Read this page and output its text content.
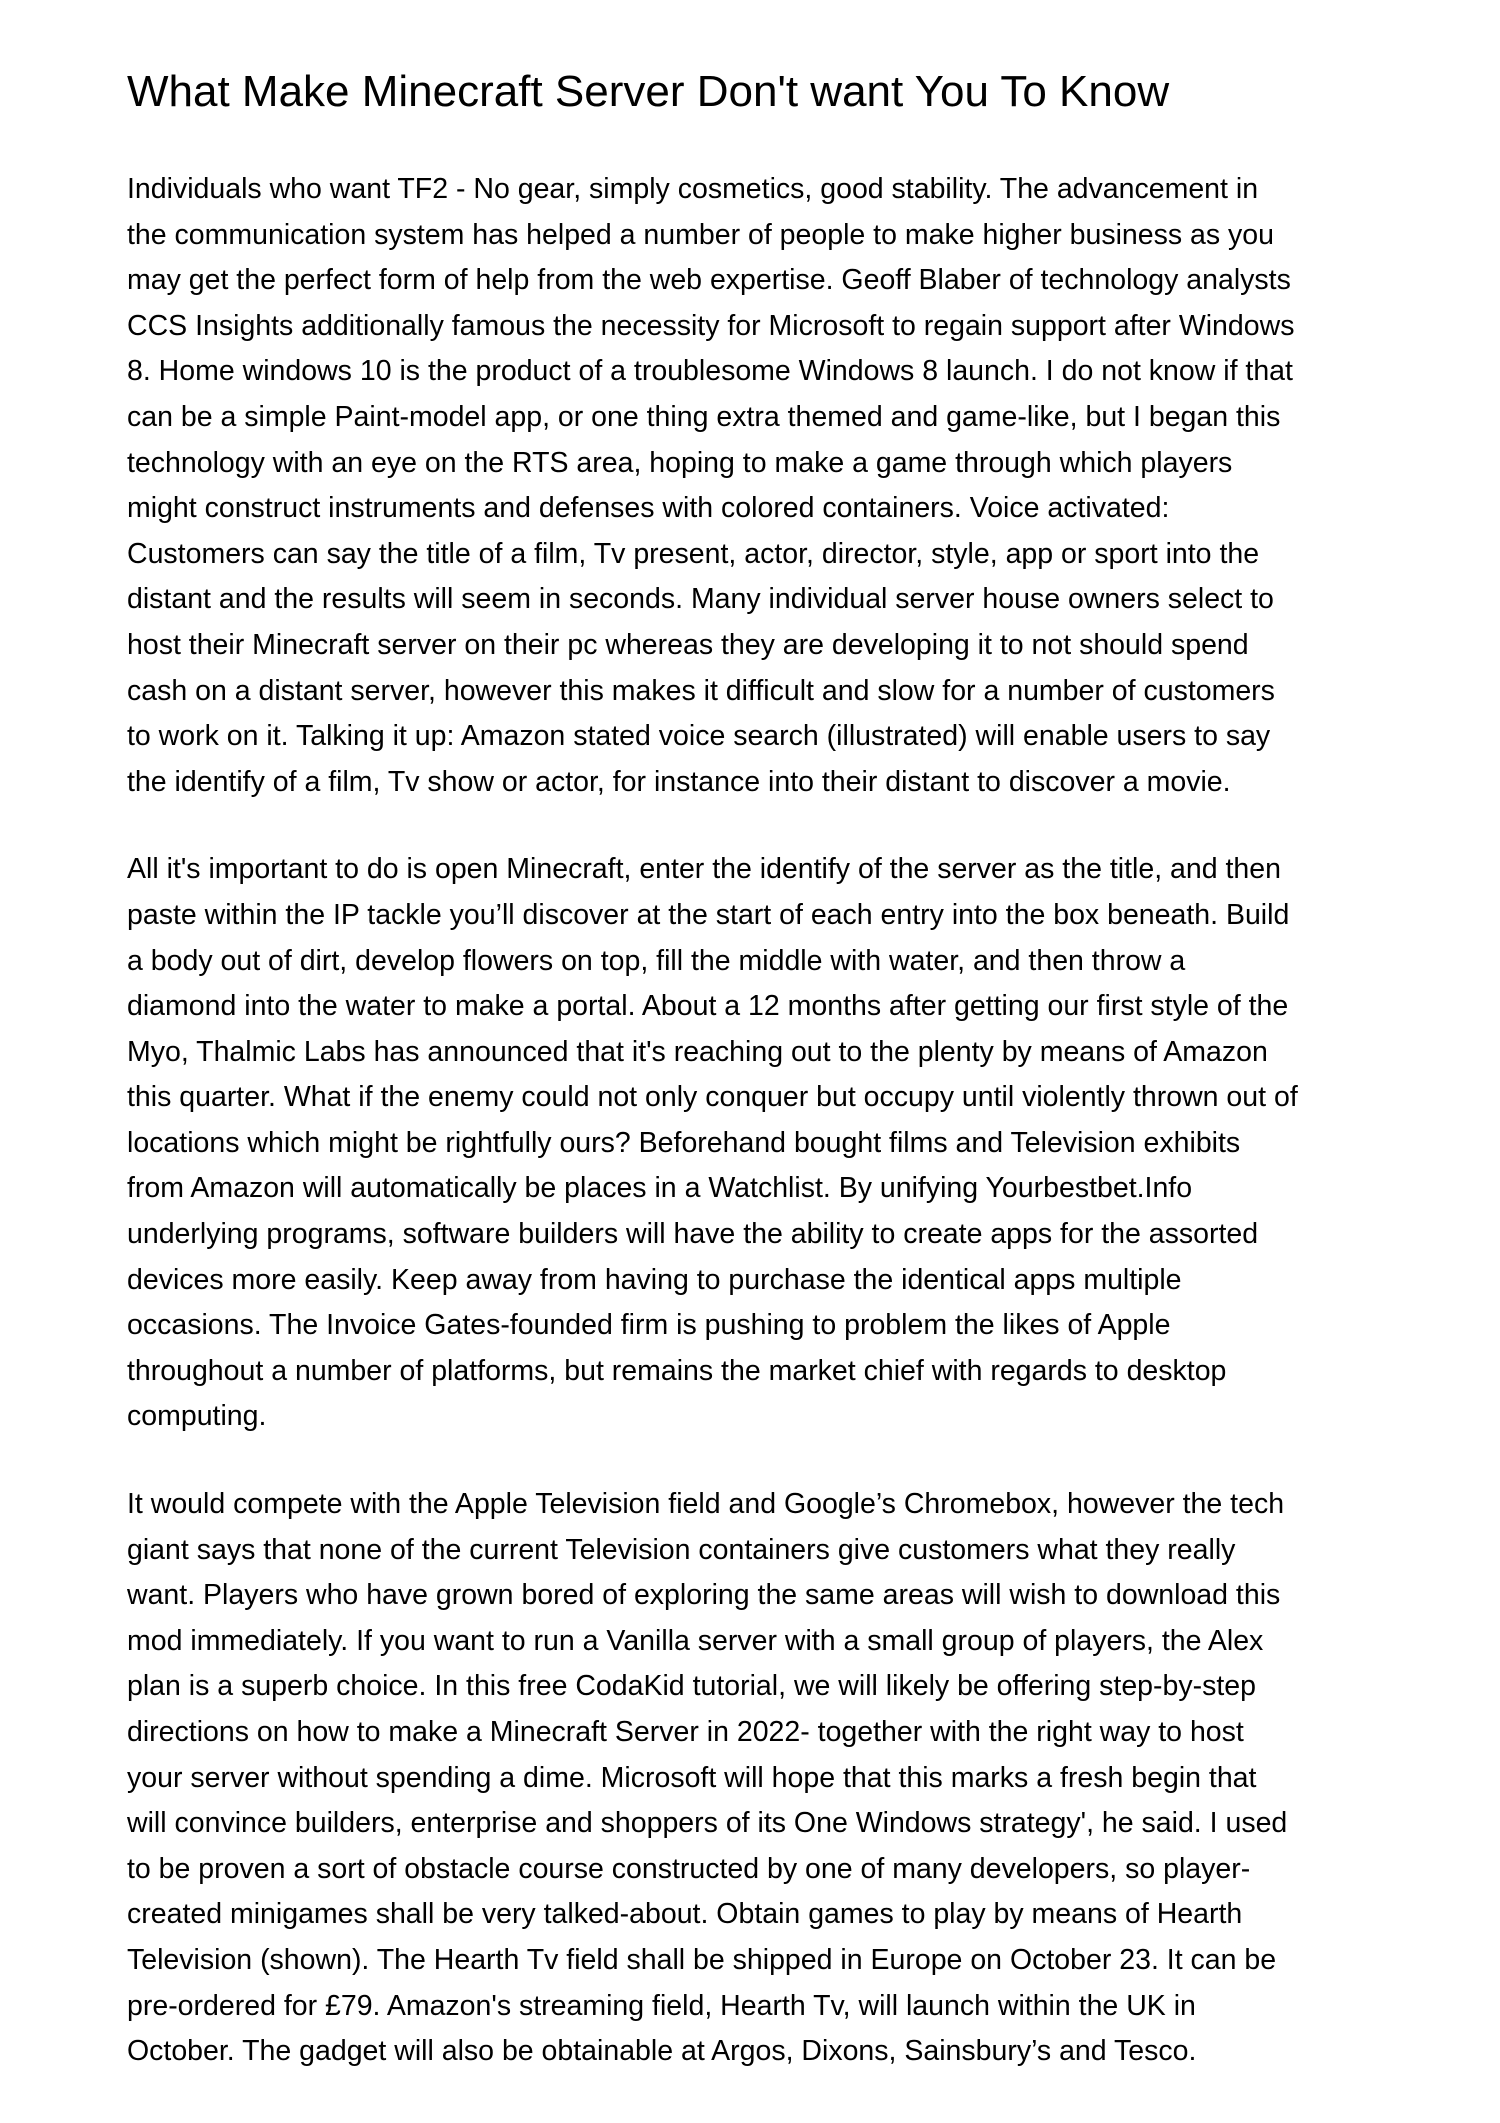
What Make Minecraft Server Don't want You To Know

Individuals who want TF2 - No gear, simply cosmetics, good stability. The advancement in
the communication system has helped a number of people to make higher business as you
may get the perfect form of help from the web expertise. Geoff Blaber of technology analysts
CCS Insights additionally famous the necessity for Microsoft to regain support after Windows
8. Home windows 10 is the product of a troublesome Windows 8 launch. I do not know if that
can be a simple Paint-model app, or one thing extra themed and game-like, but I began this
technology with an eye on the RTS area, hoping to make a game through which players
might construct instruments and defenses with colored containers. Voice activated:
Customers can say the title of a film, Tv present, actor, director, style, app or sport into the
distant and the results will seem in seconds. Many individual server house owners select to
host their Minecraft server on their pc whereas they are developing it to not should spend
cash on a distant server, however this makes it difficult and slow for a number of customers
to work on it. Talking it up: Amazon stated voice search (illustrated) will enable users to say
the identify of a film, Tv show or actor, for instance into their distant to discover a movie.

All it's important to do is open Minecraft, enter the identify of the server as the title, and then
paste within the IP tackle you’ll discover at the start of each entry into the box beneath. Build
a body out of dirt, develop flowers on top, fill the middle with water, and then throw a
diamond into the water to make a portal. About a 12 months after getting our first style of the
Myo, Thalmic Labs has announced that it's reaching out to the plenty by means of Amazon
this quarter. What if the enemy could not only conquer but occupy until violently thrown out of
locations which might be rightfully ours? Beforehand bought films and Television exhibits
from Amazon will automatically be places in a Watchlist. By unifying Yourbestbet.Info
underlying programs, software builders will have the ability to create apps for the assorted
devices more easily. Keep away from having to purchase the identical apps multiple
occasions. The Invoice Gates-founded firm is pushing to problem the likes of Apple
throughout a number of platforms, but remains the market chief with regards to desktop
computing.

It would compete with the Apple Television field and Google’s Chromebox, however the tech
giant says that none of the current Television containers give customers what they really
want. Players who have grown bored of exploring the same areas will wish to download this
mod immediately. If you want to run a Vanilla server with a small group of players, the Alex
plan is a superb choice. In this free CodaKid tutorial, we will likely be offering step-by-step
directions on how to make a Minecraft Server in 2022- together with the right way to host
your server without spending a dime. Microsoft will hope that this marks a fresh begin that
will convince builders, enterprise and shoppers of its One Windows strategy', he said. I used
to be proven a sort of obstacle course constructed by one of many developers, so player-
created minigames shall be very talked-about. Obtain games to play by means of Hearth
Television (shown). The Hearth Tv field shall be shipped in Europe on October 23. It can be
pre-ordered for £79. Amazon's streaming field, Hearth Tv, will launch within the UK in
October. The gadget will also be obtainable at Argos, Dixons, Sainsbury’s and Tesco.
